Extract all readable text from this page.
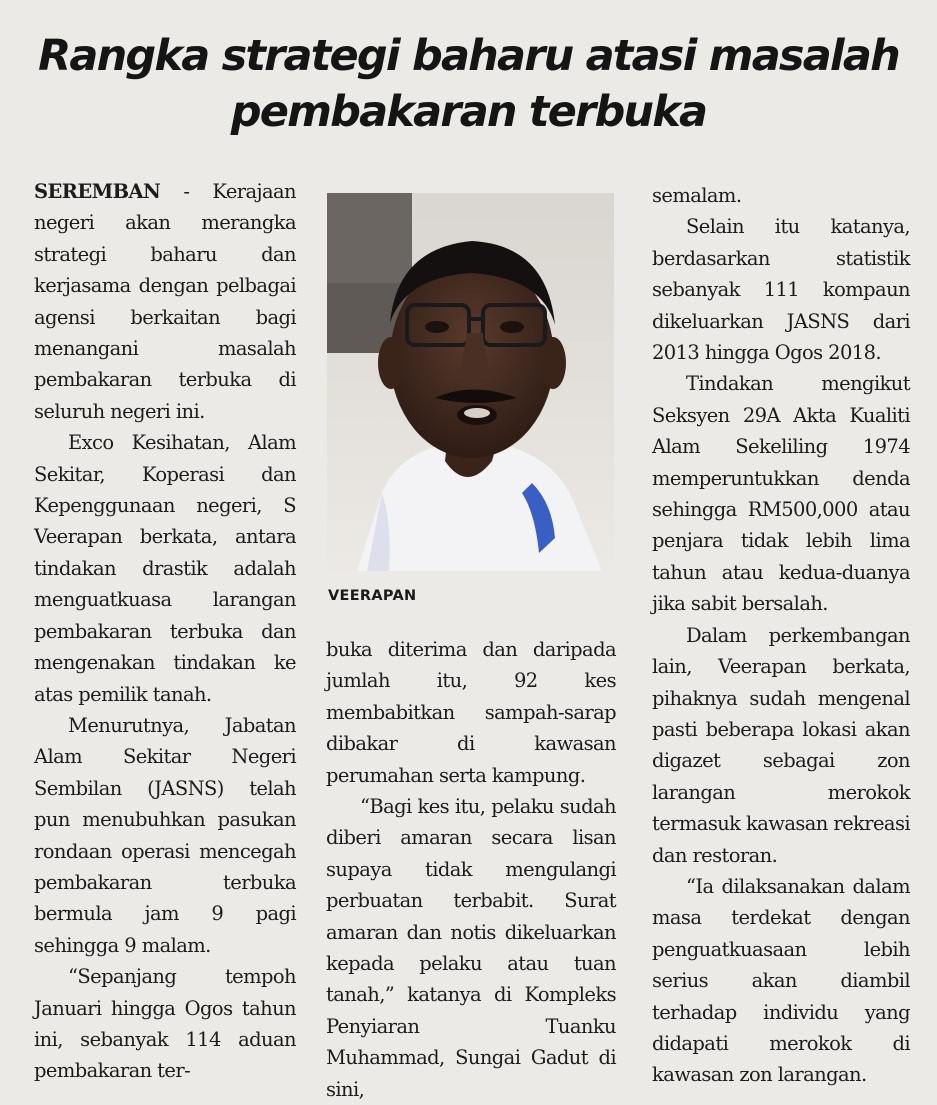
Rangka strategi baharu atasi masalah
pembakaran terbuka

SEREMBAN - Kerajaan negeri akan merangka strategi baharu dan kerjasama dengan pelbagai agensi berkaitan bagi menangani masalah pembakaran terbuka di seluruh negeri ini.

Exco Kesihatan, Alam Sekitar, Koperasi dan Kepenggunaan negeri, S Veerapan berkata, antara tindakan drastik adalah menguatkuasa larangan pembakaran terbuka dan mengenakan tindakan ke atas pemilik tanah.

Menurutnya, Jabatan Alam Sekitar Negeri Sembilan (JASNS) telah pun menubuhkan pasukan rondaan operasi mencegah pembakaran terbuka bermula jam 9 pagi sehingga 9 malam.

“Sepanjang tempoh Januari hingga Ogos tahun ini, sebanyak 114 aduan pembakaran ter-

VEERAPAN

buka diterima dan daripada jumlah itu, 92 kes membabitkan sampah-sarap dibakar di kawasan perumahan serta kampung.

“Bagi kes itu, pelaku sudah diberi amaran secara lisan supaya tidak mengulangi perbuatan terbabit. Surat amaran dan notis dikeluarkan kepada pelaku atau tuan tanah,” katanya di Kompleks Penyiaran Tuanku Muhammad, Sungai Gadut di sini,

semalam.

Selain itu katanya, berdasarkan statistik sebanyak 111 kompaun dikeluarkan JASNS dari 2013 hingga Ogos 2018.

Tindakan mengikut Seksyen 29A Akta Kualiti Alam Sekeliling 1974 memperuntukkan denda sehingga RM500,000 atau penjara tidak lebih lima tahun atau kedua-duanya jika sabit bersalah.

Dalam perkembangan lain, Veerapan berkata, pihaknya sudah mengenal pasti beberapa lokasi akan digazet sebagai zon larangan merokok termasuk kawasan rekreasi dan restoran.

“Ia dilaksanakan dalam masa terdekat dengan penguatkuasaan lebih serius akan diambil terhadap individu yang didapati merokok di kawasan zon larangan.
